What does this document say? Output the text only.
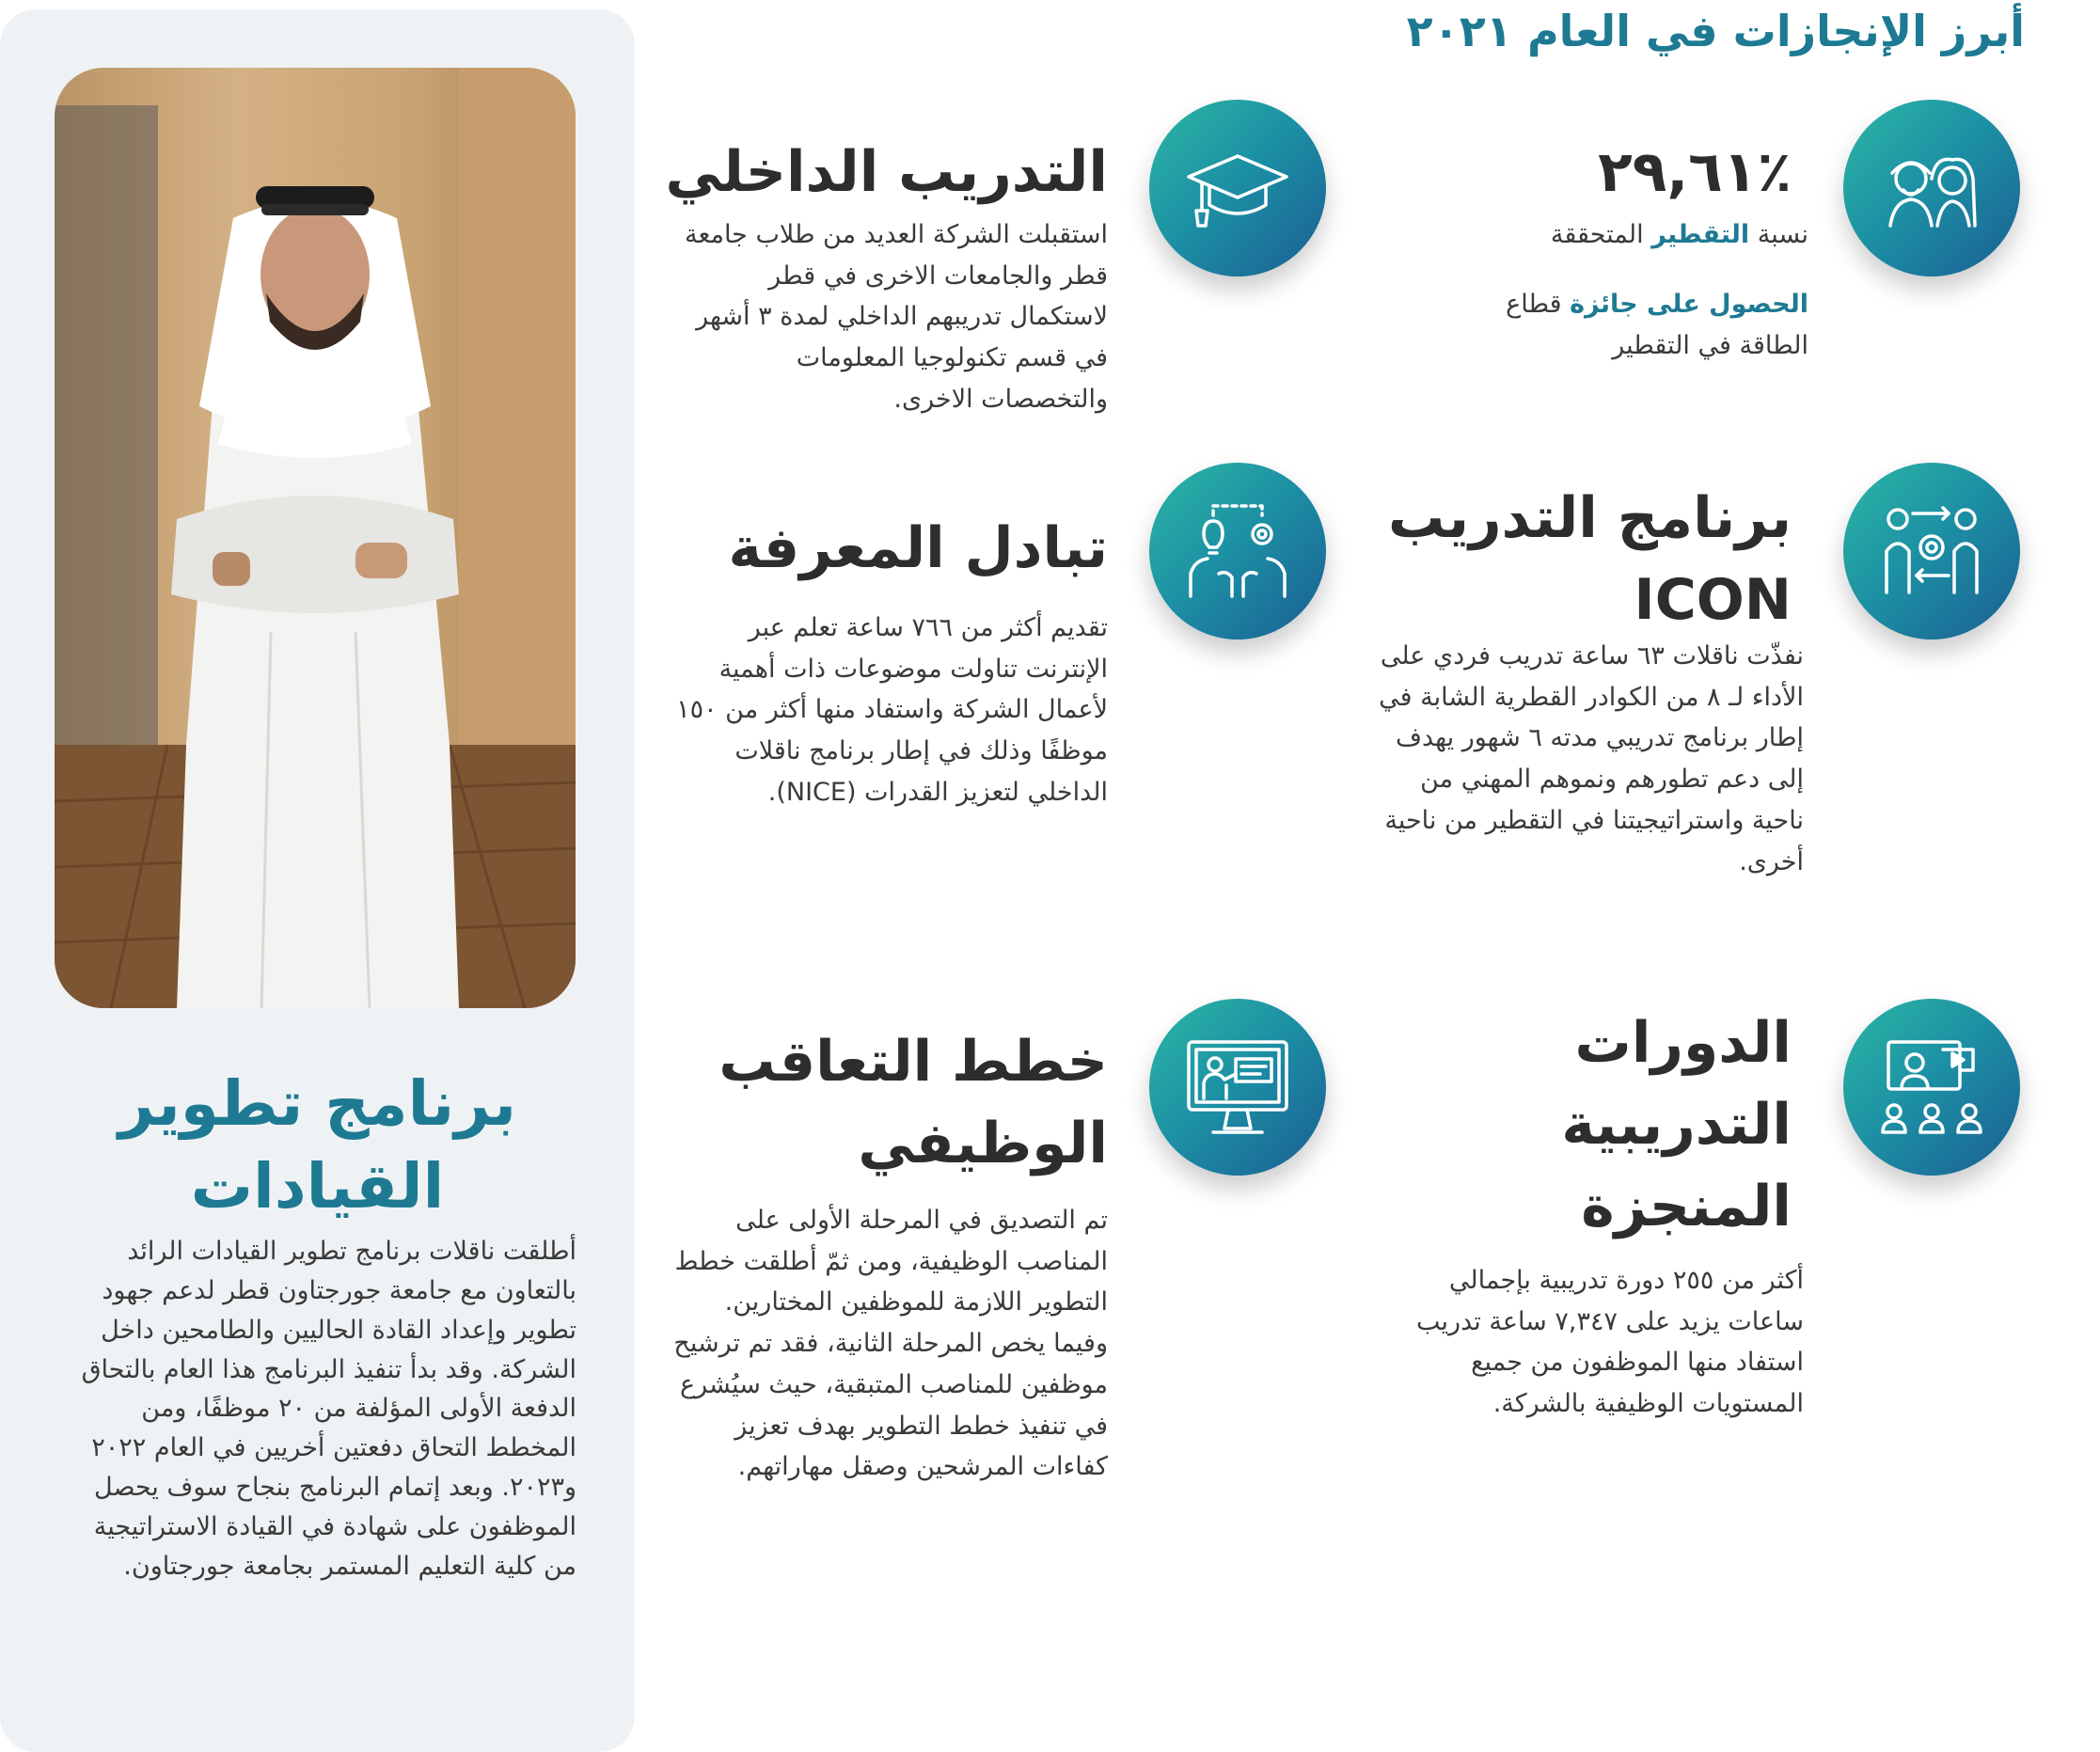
أبرز الإنجازات في العام ٢٠٢١
برنامج تطوير
القيادات
أطلقت ناقلات برنامج تطوير القيادات الرائد بالتعاون مع جامعة جورجتاون قطر لدعم جهود تطوير وإعداد القادة الحاليين والطامحين داخل الشركة. وقد بدأ تنفيذ البرنامج هذا العام بالتحاق الدفعة الأولى المؤلفة من ٢٠ موظفًا، ومن المخطط التحاق دفعتين أخريين في العام ٢٠٢٢ و٢٠٢٣. وبعد إتمام البرنامج بنجاح سوف يحصل الموظفون على شهادة في القيادة الاستراتيجية من كلية التعليم المستمر بجامعة جورجتاون.
٪٢٩,٦١
نسبة التقطير المتحققة
الحصول على جائزة قطاع الطاقة في التقطير
التدريب الداخلي
استقبلت الشركة العديد من طلاب جامعة قطر والجامعات الاخرى في قطر لاستكمال تدريبهم الداخلي لمدة ٣ أشهر في قسم تكنولوجيا المعلومات والتخصصات الاخرى.
برنامج التدريب
ICON
نفذّت ناقلات ٦٣ ساعة تدريب فردي على الأداء لـ ٨ من الكوادر القطرية الشابة في إطار برنامج تدريبي مدته ٦ شهور يهدف إلى دعم تطورهم ونموهم المهني من ناحية واستراتيجيتنا في التقطير من ناحية أخرى.
تبادل المعرفة
تقديم أكثر من ٧٦٦ ساعة تعلم عبر الإنترنت تناولت موضوعات ذات أهمية لأعمال الشركة واستفاد منها أكثر من ١٥٠ موظفًا وذلك في إطار برنامج ناقلات الداخلي لتعزيز القدرات (NICE).
الدورات
التدريبية
المنجزة
أكثر من ٢٥٥ دورة تدريبية بإجمالي ساعات يزيد على ٧,٣٤٧ ساعة تدريب استفاد منها الموظفون من جميع المستويات الوظيفية بالشركة.
خطط التعاقب
الوظيفي
تم التصديق في المرحلة الأولى على المناصب الوظيفية، ومن ثمّ أطلقت خطط التطوير اللازمة للموظفين المختارين. وفيما يخص المرحلة الثانية، فقد تم ترشيح موظفين للمناصب المتبقية، حيث سيُشرع في تنفيذ خطط التطوير بهدف تعزيز كفاءات المرشحين وصقل مهاراتهم.
